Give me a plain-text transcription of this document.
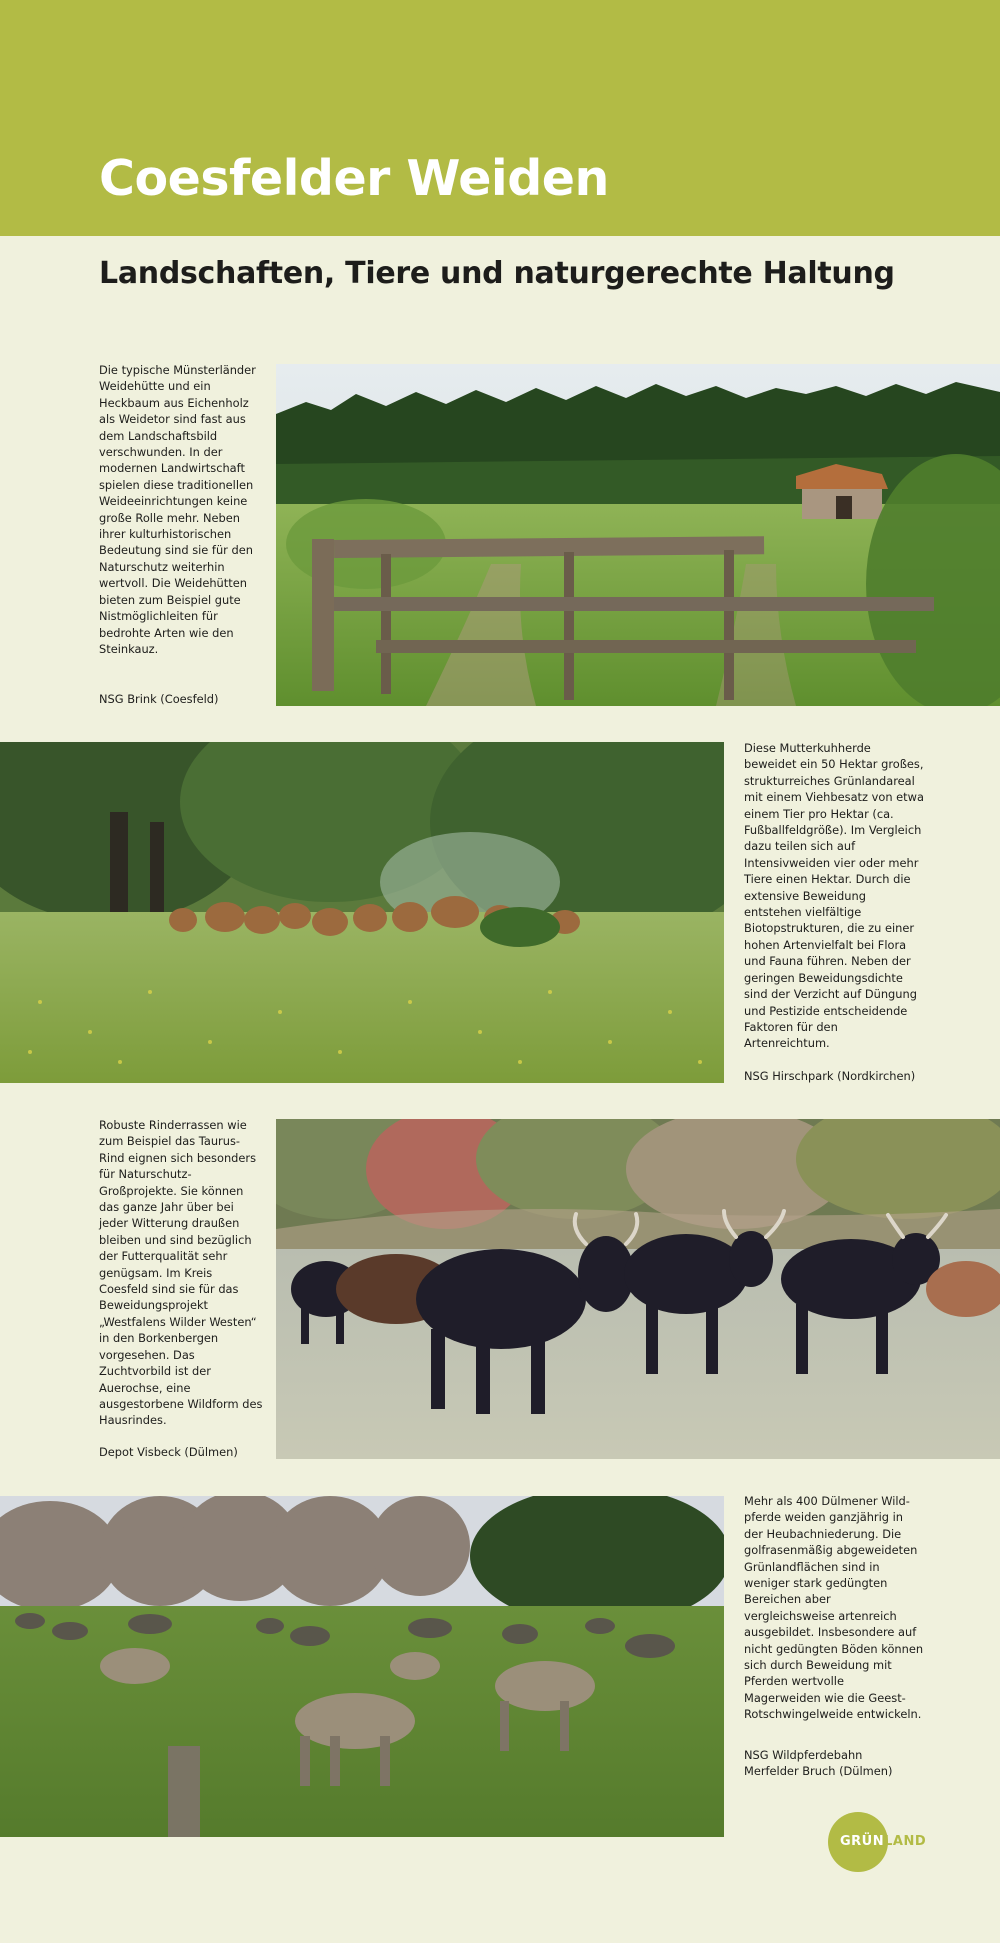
Coesfelder Weiden
Landschaften, Tiere und naturgerechte Haltung
Die typische Münsterländer Weidehütte und ein Heckbaum aus Eichenholz als Weidetor sind fast aus dem Landschaftsbild verschwunden. In der modernen Landwirtschaft spielen diese traditionellen Weideeinrichtungen keine große Rolle mehr. Neben ihrer kulturhistorischen Bedeutung sind sie für den Naturschutz weiterhin wertvoll. Die Weidehütten bieten zum Beispiel gute Nistmöglichleiten für bedrohte Arten wie den Steinkauz.
NSG Brink (Coesfeld)
Diese Mutterkuhherde beweidet ein 50 Hektar großes, strukturreiches Grünlandareal mit einem Viehbesatz von etwa einem Tier pro Hektar (ca. Fußballfeldgröße). Im Vergleich dazu teilen sich auf Intensivweiden vier oder mehr Tiere einen Hektar. Durch die extensive Beweidung entstehen vielfältige Biotopstrukturen, die zu einer hohen Artenvielfalt bei Flora und Fauna führen. Neben der geringen Beweidungsdichte sind der Verzicht auf Düngung und Pestizide entscheidende Faktoren für den Artenreichtum.
NSG Hirschpark (Nordkirchen)
Robuste Rinderrassen wie zum Beispiel das Taurus-Rind eignen sich besonders für Naturschutz-Großprojekte. Sie können das ganze Jahr über bei jeder Witterung draußen bleiben und sind bezüglich der Futterqualität sehr genügsam. Im Kreis Coesfeld sind sie für das Beweidungsprojekt „Westfalens Wilder Westen“ in den Borkenbergen vorgesehen. Das Zuchtvorbild ist der Auerochse, eine ausgestorbene Wildform des Hausrindes.
Depot Visbeck (Dülmen)
Mehr als 400 Dülmener Wildpferde weiden ganzjährig in der Heubachniederung. Die golfrasenmäßig abgeweideten Grünlandflächen sind in weniger stark gedüngten Bereichen aber vergleichsweise artenreich ausgebildet. Insbesondere auf nicht gedüngten Böden können sich durch Beweidung mit Pferden wertvolle Magerweiden wie die Geest-Rotschwingelweide entwickeln.
NSG Wildpferdebahn
Merfelder Bruch (Dülmen)
GRÜNLAND
